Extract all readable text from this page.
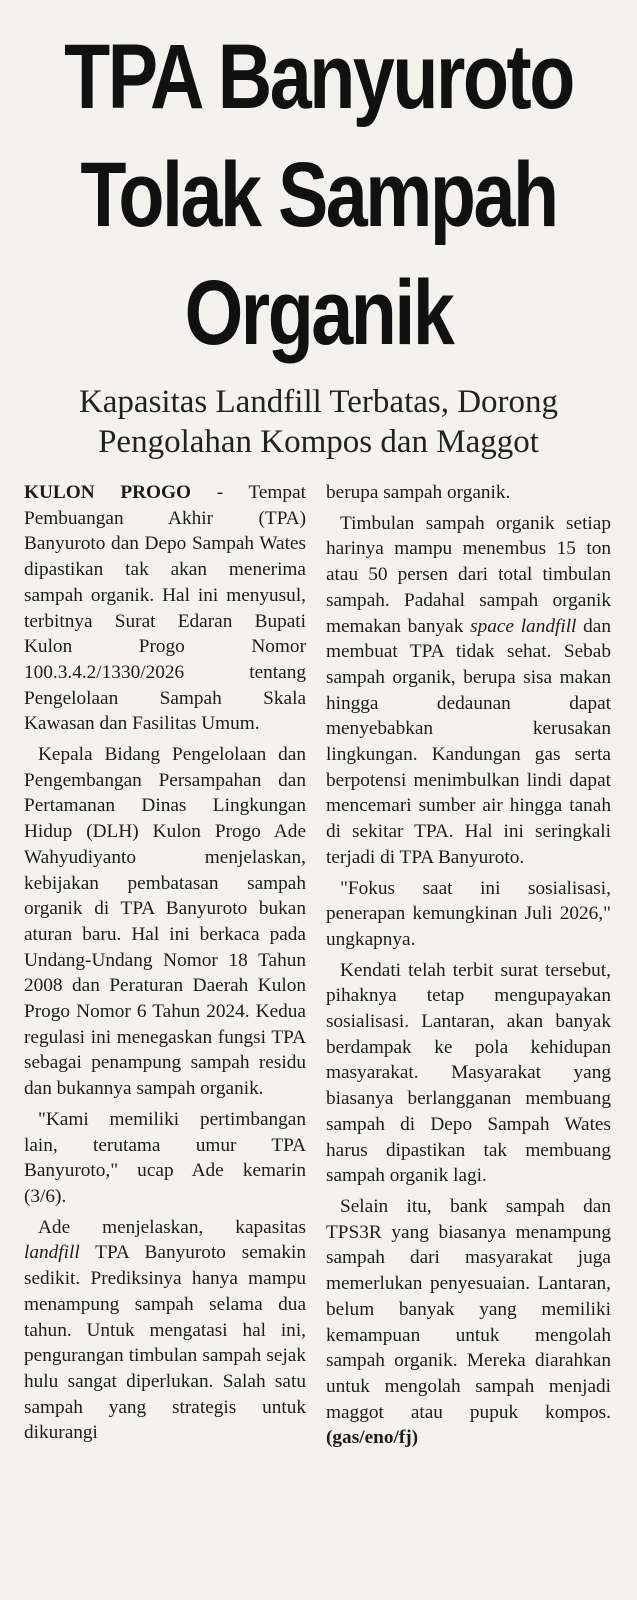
TPA Banyuroto
Tolak Sampah
Organik
Kapasitas Landfill Terbatas, Dorong
Pengolahan Kompos dan Maggot

KULON PROGO - Tempat Pembuangan Akhir (TPA) Banyuroto dan Depo Sampah Wates dipastikan tak akan menerima sampah organik. Hal ini menyusul, terbitnya Surat Edaran Bupati Kulon Progo Nomor 100.3.4.2/1330/2026 tentang Pengelolaan Sampah Skala Kawasan dan Fasilitas Umum.

Kepala Bidang Pengelolaan dan Pengembangan Persampahan dan Pertamanan Dinas Lingkungan Hidup (DLH) Kulon Progo Ade Wahyudiyanto menjelaskan, kebijakan pembatasan sampah organik di TPA Banyuroto bukan aturan baru. Hal ini berkaca pada Undang-Undang Nomor 18 Tahun 2008 dan Peraturan Daerah Kulon Progo Nomor 6 Tahun 2024. Kedua regulasi ini menegaskan fungsi TPA sebagai penampung sampah residu dan bukannya sampah organik.

"Kami memiliki pertimbangan lain, terutama umur TPA Banyuroto," ucap Ade kemarin (3/6).

Ade menjelaskan, kapasitas landfill TPA Banyuroto semakin sedikit. Prediksinya hanya mampu menampung sampah selama dua tahun. Untuk mengatasi hal ini, pengurangan timbulan sampah sejak hulu sangat diperlukan. Salah satu sampah yang strategis untuk dikurangi

berupa sampah organik.

Timbulan sampah organik setiap harinya mampu menembus 15 ton atau 50 persen dari total timbulan sampah. Padahal sampah organik memakan banyak space landfill dan membuat TPA tidak sehat. Sebab sampah organik, berupa sisa makan hingga dedaunan dapat menyebabkan kerusakan lingkungan. Kandungan gas serta berpotensi menimbulkan lindi dapat mencemari sumber air hingga tanah di sekitar TPA. Hal ini seringkali terjadi di TPA Banyuroto.

"Fokus saat ini sosialisasi, penerapan kemungkinan Juli 2026," ungkapnya.

Kendati telah terbit surat tersebut, pihaknya tetap mengupayakan sosialisasi. Lantaran, akan banyak berdampak ke pola kehidupan masyarakat. Masyarakat yang biasanya berlangganan membuang sampah di Depo Sampah Wates harus dipastikan tak membuang sampah organik lagi.

Selain itu, bank sampah dan TPS3R yang biasanya menampung sampah dari masyarakat juga memerlukan penyesuaian. Lantaran, belum banyak yang memiliki kemampuan untuk mengolah sampah organik. Mereka diarahkan untuk mengolah sampah menjadi maggot atau pupuk kompos. (gas/eno/fj)
